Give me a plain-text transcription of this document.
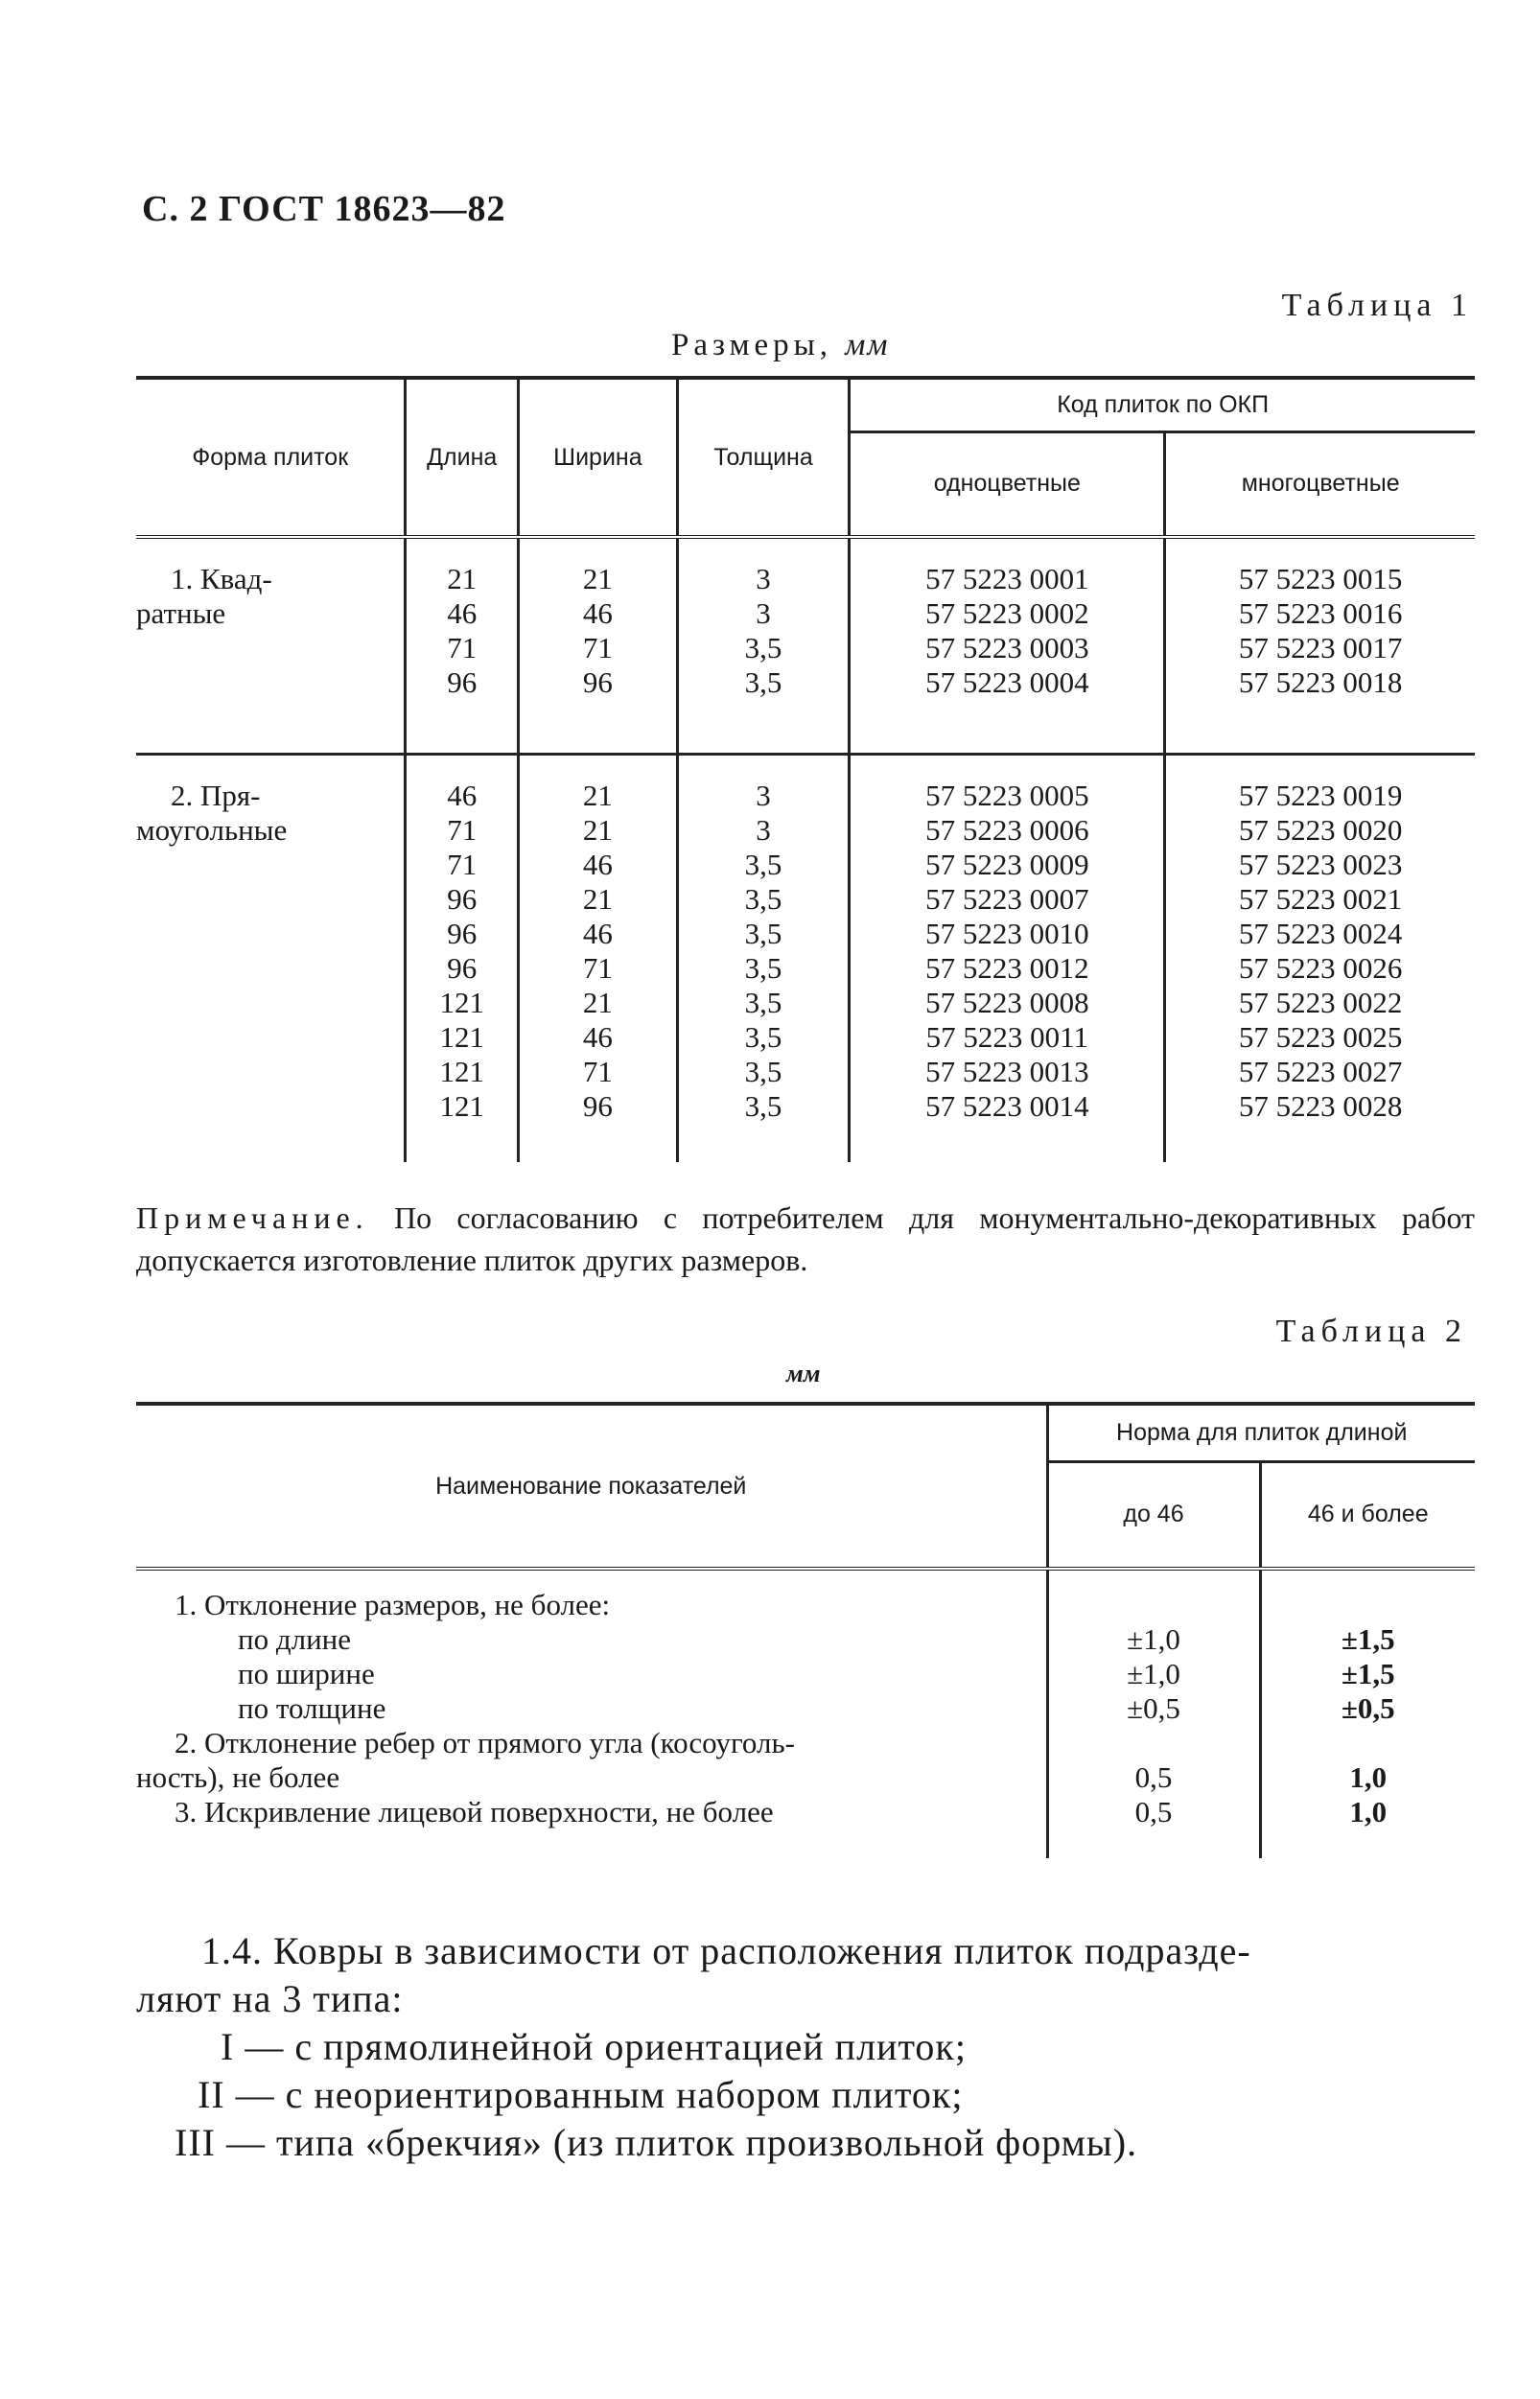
С. 2 ГОСТ 18623—82
Таблица 1
Размеры, мм
Форма плиток	Длина	Ширина	Толщина	Код плиток по ОКП	
				одноцветные	многоцветные

1. Квад-	21	21	3	57 5223 0001	57 5223 0015
ратные	46	46	3	57 5223 0002	57 5223 0016
	71	71	3,5	57 5223 0003	57 5223 0017
	96	96	3,5	57 5223 0004	57 5223 0018

2. Пря-	46	21	3	57 5223 0005	57 5223 0019
моугольные	71	21	3	57 5223 0006	57 5223 0020
	71	46	3,5	57 5223 0009	57 5223 0023
	96	21	3,5	57 5223 0007	57 5223 0021
	96	46	3,5	57 5223 0010	57 5223 0024
	96	71	3,5	57 5223 0012	57 5223 0026
	121	21	3,5	57 5223 0008	57 5223 0022
	121	46	3,5	57 5223 0011	57 5223 0025
	121	71	3,5	57 5223 0013	57 5223 0027
	121	96	3,5	57 5223 0014	57 5223 0028

Примечание. По согласованию с потребителем для монументально-декоративных работ допускается изготовление плиток других размеров.
Таблица 2
мм
Наименование показателей	Норма для плиток длиной	
	до 46	46 и более

1. Отклонение размеров, не более:		
по длине	±1,0	±1,5
по ширине	±1,0	±1,5
по толщине	±0,5	±0,5
2. Отклонение ребер от прямого угла (косоуголь-		
ность), не более	0,5	1,0
3. Искривление лицевой поверхности, не более	0,5	1,0

1.4. Ковры в зависимости от расположения плиток подразде-
ляют на 3 типа:
I — с прямолинейной ориентацией плиток;
II — с неориентированным набором плиток;
III — типа «брекчия» (из плиток произвольной формы).
